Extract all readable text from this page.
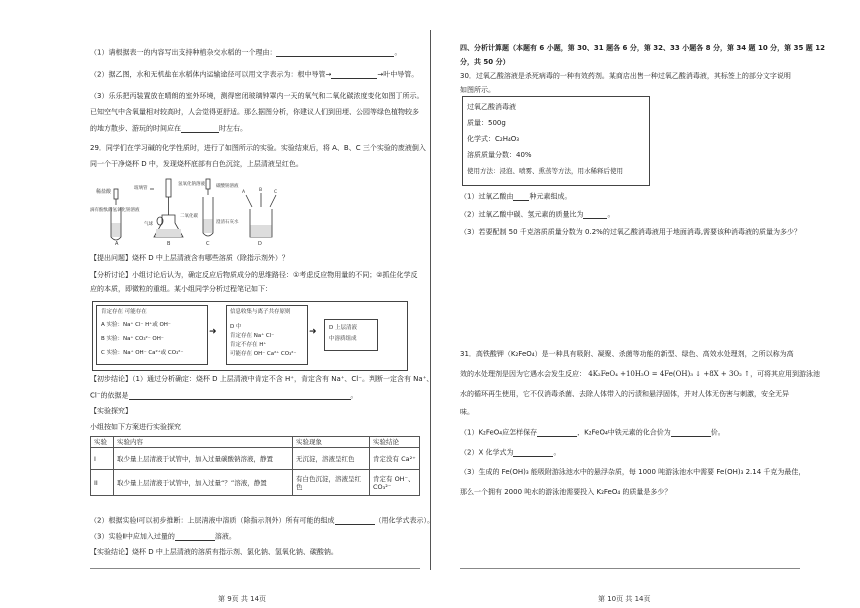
（1）请根据表一的内容写出支持种植杂交水稻的一个理由：	。
（2）据乙图，水和无机盐在水稻体内运输途径可以用文字表示为：根中导管→	→叶中导管。
（3）乐乐把丙装置放在晴朗的室外环境，测得密闭玻璃钟罩内一天的氧气和二氧化碳浓度变化如图丁所示。
已知空气中含氧量相对较高时，人会觉得更舒适。那么据图分析，你建议人们到田埂、公园等绿色植物较多
的地方散步、游玩的时间应在	时左右。
29．同学们在学习碱的化学性质时，进行了如图所示的实验。实验结束后，将 A、B、C 三个实验的废液倒入
同一个干净烧杯 D 中，发现烧杯底部有白色沉淀，上层清液呈红色。
稀盐酸
滴有酚酞的氢氧化钠溶液
A
玻璃管
氢氧化钠溶液
二氧化碳
气球
B
碳酸钠溶液
澄清石灰水
C
A	B	C
D
【提出问题】烧杯 D 中上层清液含有哪些溶质（除指示剂外）？
【分析讨论】小组讨论后认为，确定反应后物质成分的思维路径：①考虑反应物用量的不同；②抓住化学反
应的本质，即微粒的重组。某小组同学分析过程笔记如下：
肯定存在 可能存在
A 实验：Na⁺ Cl⁻ H⁺或 OH⁻
B 实验：Na⁺ CO₃²⁻ OH⁻
C 实验：Na⁺ OH⁻ Ca²⁺或 CO₃²⁻
➜
信息收集与离子共存原则
D 中
肯定存在 Na⁺ Cl⁻
肯定不存在 H⁺
可能存在 OH⁻ Ca²⁺ CO₃²⁻
➜ D 上层清液
中溶质组成
【初步结论】（1）通过分析确定：烧杯 D 上层清液中肯定不含 H⁺，肯定含有 Na⁺、Cl⁻。判断一定含有 Na⁺、
Cl⁻的依据是	。
【实验探究】
小组按如下方案进行实验探究
实验	实验内容	实验现象	实验结论
I	取少量上层清液于试管中，加入过量碳酸钠溶液，静置	无沉淀，溶液呈红色	肯定没有 Ca²⁺
II	取少量上层清液于试管中，加入过量“？”溶液，静置	有白色沉淀，溶液呈红色	肯定有 OH⁻、CO₃²⁻
（2）根据实验Ⅰ可以初步推断：上层清液中溶质（除指示剂外）所有可能的组成	（用化学式表示）。
（3）实验Ⅱ中应加入过量的	溶液。
【实验结论】烧杯 D 中上层清液的溶质有指示剂、氯化钠、氢氧化钠、碳酸钠。
第 9页 共 14页
四、分析计算题（本题有 6 小题，第 30、31 题各 6 分，第 32、33 小题各 8 分，第 34 题 10 分，第 35 题 12
分，共 50 分）
30．过氧乙酸溶液是杀死病毒的一种有效药剂。某商店出售一种过氧乙酸消毒液，其标签上的部分文字说明
如图所示。
过氧乙酸消毒液
质量：500g
化学式：C₂H₄O₃
溶质质量分数：40%
使用方法：浸泡、喷雾、熏蒸等方法，用水稀释后使用
（1）过氧乙酸由 种元素组成。
（2）过氧乙酸中碳、氢元素的质量比为	。
（3）若要配制 50 千克溶质质量分数为 0.2%的过氧乙酸消毒液用于地面消毒,需要该种消毒液的质量为多少？
31．高铁酸钾（K₂FeO₄）是一种具有吸附、凝聚、杀菌等功能的新型、绿色、高效水处理剂，之所以称为高
效的水处理剂是因为它遇水会发生反应： 4K₂FeO₄ +10H₂O = 4Fe(OH)₃ ↓ +8X + 3O₂ ↑，可将其应用到游泳池
水的循环再生使用，它不仅消毒杀菌、去除人体带入的污渍和悬浮固体，并对人体无伤害与刺激，安全无异
味。
（1）K₂FeO₄应怎样保存	，K₂FeO₄中铁元素的化合价为	价。
（2）X 化学式为	。
（3）生成的 Fe(OH)₃ 能吸附游泳池水中的悬浮杂质，每 1000 吨游泳池水中需要 Fe(OH)₃ 2.14 千克为最佳，
那么一个拥有 2000 吨水的游泳池需要投入 K₂FeO₄ 的质量是多少？
第 10页 共 14页
